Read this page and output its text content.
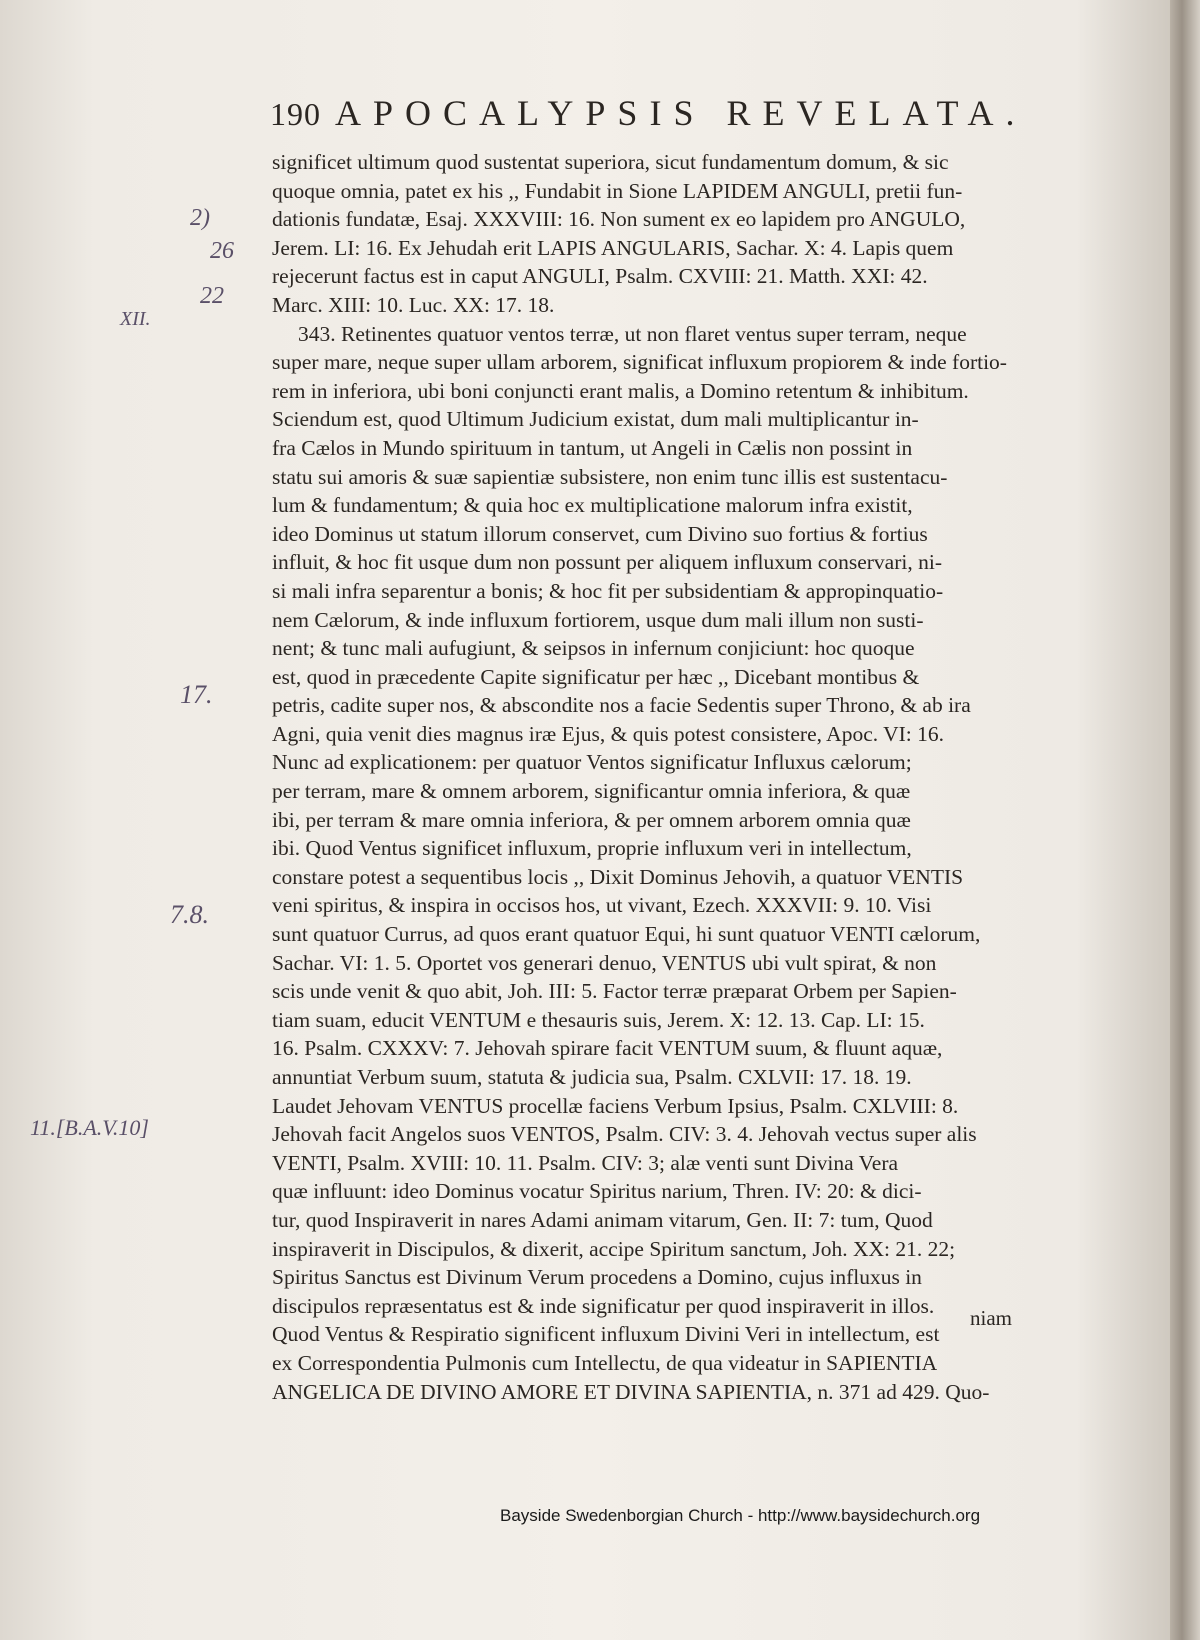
190 APOCALYPSIS REVELATA.
significet ultimum quod sustentat superiora, sicut fundamentum domum, & sic
quoque omnia, patet ex his ,, Fundabit in Sione LAPIDEM ANGULI, pretii fun-
dationis fundatæ, Esaj. XXXVIII: 16. Non sument ex eo lapidem pro ANGULO,
Jerem. LI: 16. Ex Jehudah erit LAPIS ANGULARIS, Sachar. X: 4. Lapis quem
rejecerunt factus est in caput ANGULI, Psalm. CXVIII: 21. Matth. XXI: 42.
Marc. XIII: 10. Luc. XX: 17. 18.
343. Retinentes quatuor ventos terræ, ut non flaret ventus super terram, neque
super mare, neque super ullam arborem, significat influxum propiorem & inde fortio-
rem in inferiora, ubi boni conjuncti erant malis, a Domino retentum & inhibitum.
Sciendum est, quod Ultimum Judicium existat, dum mali multiplicantur in-
fra Cælos in Mundo spirituum in tantum, ut Angeli in Cælis non possint in
statu sui amoris & suæ sapientiæ subsistere, non enim tunc illis est sustentacu-
lum & fundamentum; & quia hoc ex multiplicatione malorum infra existit,
ideo Dominus ut statum illorum conservet, cum Divino suo fortius & fortius
influit, & hoc fit usque dum non possunt per aliquem influxum conservari, ni-
si mali infra separentur a bonis; & hoc fit per subsidentiam & appropinquatio-
nem Cælorum, & inde influxum fortiorem, usque dum mali illum non susti-
nent; & tunc mali aufugiunt, & seipsos in infernum conjiciunt: hoc quoque
est, quod in præcedente Capite significatur per hæc ,, Dicebant montibus &
petris, cadite super nos, & abscondite nos a facie Sedentis super Throno, & ab ira
Agni, quia venit dies magnus iræ Ejus, & quis potest consistere, Apoc. VI: 16.
Nunc ad explicationem: per quatuor Ventos significatur Influxus cælorum;
per terram, mare & omnem arborem, significantur omnia inferiora, & quæ
ibi, per terram & mare omnia inferiora, & per omnem arborem omnia quæ
ibi. Quod Ventus significet influxum, proprie influxum veri in intellectum,
constare potest a sequentibus locis ,, Dixit Dominus Jehovih, a quatuor VENTIS
veni spiritus, & inspira in occisos hos, ut vivant, Ezech. XXXVII: 9. 10. Visi
sunt quatuor Currus, ad quos erant quatuor Equi, hi sunt quatuor VENTI cælorum,
Sachar. VI: 1. 5. Oportet vos generari denuo, VENTUS ubi vult spirat, & non
scis unde venit & quo abit, Joh. III: 5. Factor terræ præparat Orbem per Sapien-
tiam suam, educit VENTUM e thesauris suis, Jerem. X: 12. 13. Cap. LI: 15.
16. Psalm. CXXXV: 7. Jehovah spirare facit VENTUM suum, & fluunt aquæ,
annuntiat Verbum suum, statuta & judicia sua, Psalm. CXLVII: 17. 18. 19.
Laudet Jehovam VENTUS procellæ faciens Verbum Ipsius, Psalm. CXLVIII: 8.
Jehovah facit Angelos suos VENTOS, Psalm. CIV: 3. 4. Jehovah vectus super alis
VENTI, Psalm. XVIII: 10. 11. Psalm. CIV: 3; alæ venti sunt Divina Vera
quæ influunt: ideo Dominus vocatur Spiritus narium, Thren. IV: 20: & dici-
tur, quod Inspiraverit in nares Adami animam vitarum, Gen. II: 7: tum, Quod
inspiraverit in Discipulos, & dixerit, accipe Spiritum sanctum, Joh. XX: 21. 22;
Spiritus Sanctus est Divinum Verum procedens a Domino, cujus influxus in
discipulos repræsentatus est & inde significatur per quod inspiraverit in illos.
Quod Ventus & Respiratio significent influxum Divini Veri in intellectum, est
ex Correspondentia Pulmonis cum Intellectu, de qua videatur in SAPIENTIA
ANGELICA DE DIVINO AMORE ET DIVINA SAPIENTIA, n. 371 ad 429. Quo-
niam
2)
26
22
XII.
17.
7.8.
11.[B.A.V.10]
Bayside Swedenborgian Church - http://www.baysidechurch.org
